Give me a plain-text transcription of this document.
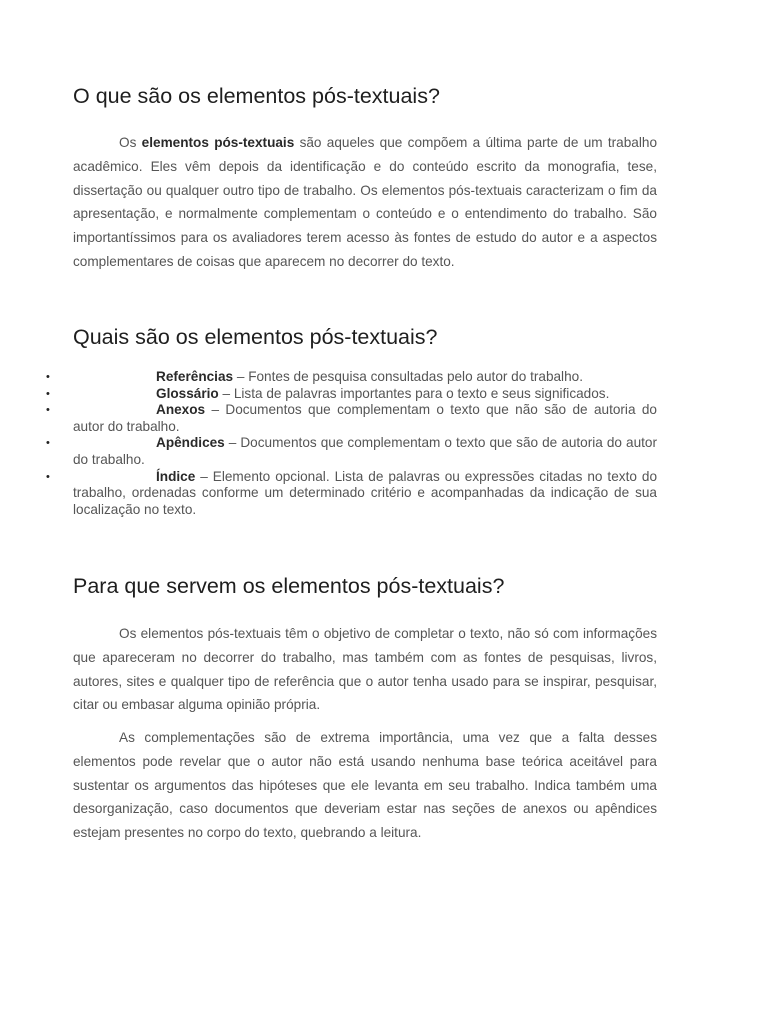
O que são os elementos pós-textuais?

Os elementos pós-textuais são aqueles que compõem a última parte de um trabalho acadêmico. Eles vêm depois da identificação e do conteúdo escrito da monografia, tese, dissertação ou qualquer outro tipo de trabalho. Os elementos pós-textuais caracterizam o fim da apresentação, e normalmente complementam o conteúdo e o entendimento do trabalho. São importantíssimos para os avaliadores terem acesso às fontes de estudo do autor e a aspectos complementares de coisas que aparecem no decorrer do texto.

Quais são os elementos pós-textuais?
•	Referências – Fontes de pesquisa consultadas pelo autor do trabalho.
•	Glossário – Lista de palavras importantes para o texto e seus significados.
•	Anexos – Documentos que complementam o texto que não são de autoria do autor do trabalho.
•	Apêndices – Documentos que complementam o texto que são de autoria do autor do trabalho.
•	Índice – Elemento opcional. Lista de palavras ou expressões citadas no texto do trabalho, ordenadas conforme um determinado critério e acompanhadas da indicação de sua localização no texto.
Para que servem os elementos pós-textuais?

Os elementos pós-textuais têm o objetivo de completar o texto, não só com informações que apareceram no decorrer do trabalho, mas também com as fontes de pesquisas, livros, autores, sites e qualquer tipo de referência que o autor tenha usado para se inspirar, pesquisar, citar ou embasar alguma opinião própria.

As complementações são de extrema importância, uma vez que a falta desses elementos pode revelar que o autor não está usando nenhuma base teórica aceitável para sustentar os argumentos das hipóteses que ele levanta em seu trabalho. Indica também uma desorganização, caso documentos que deveriam estar nas seções de anexos ou apêndices estejam presentes no corpo do texto, quebrando a leitura.
